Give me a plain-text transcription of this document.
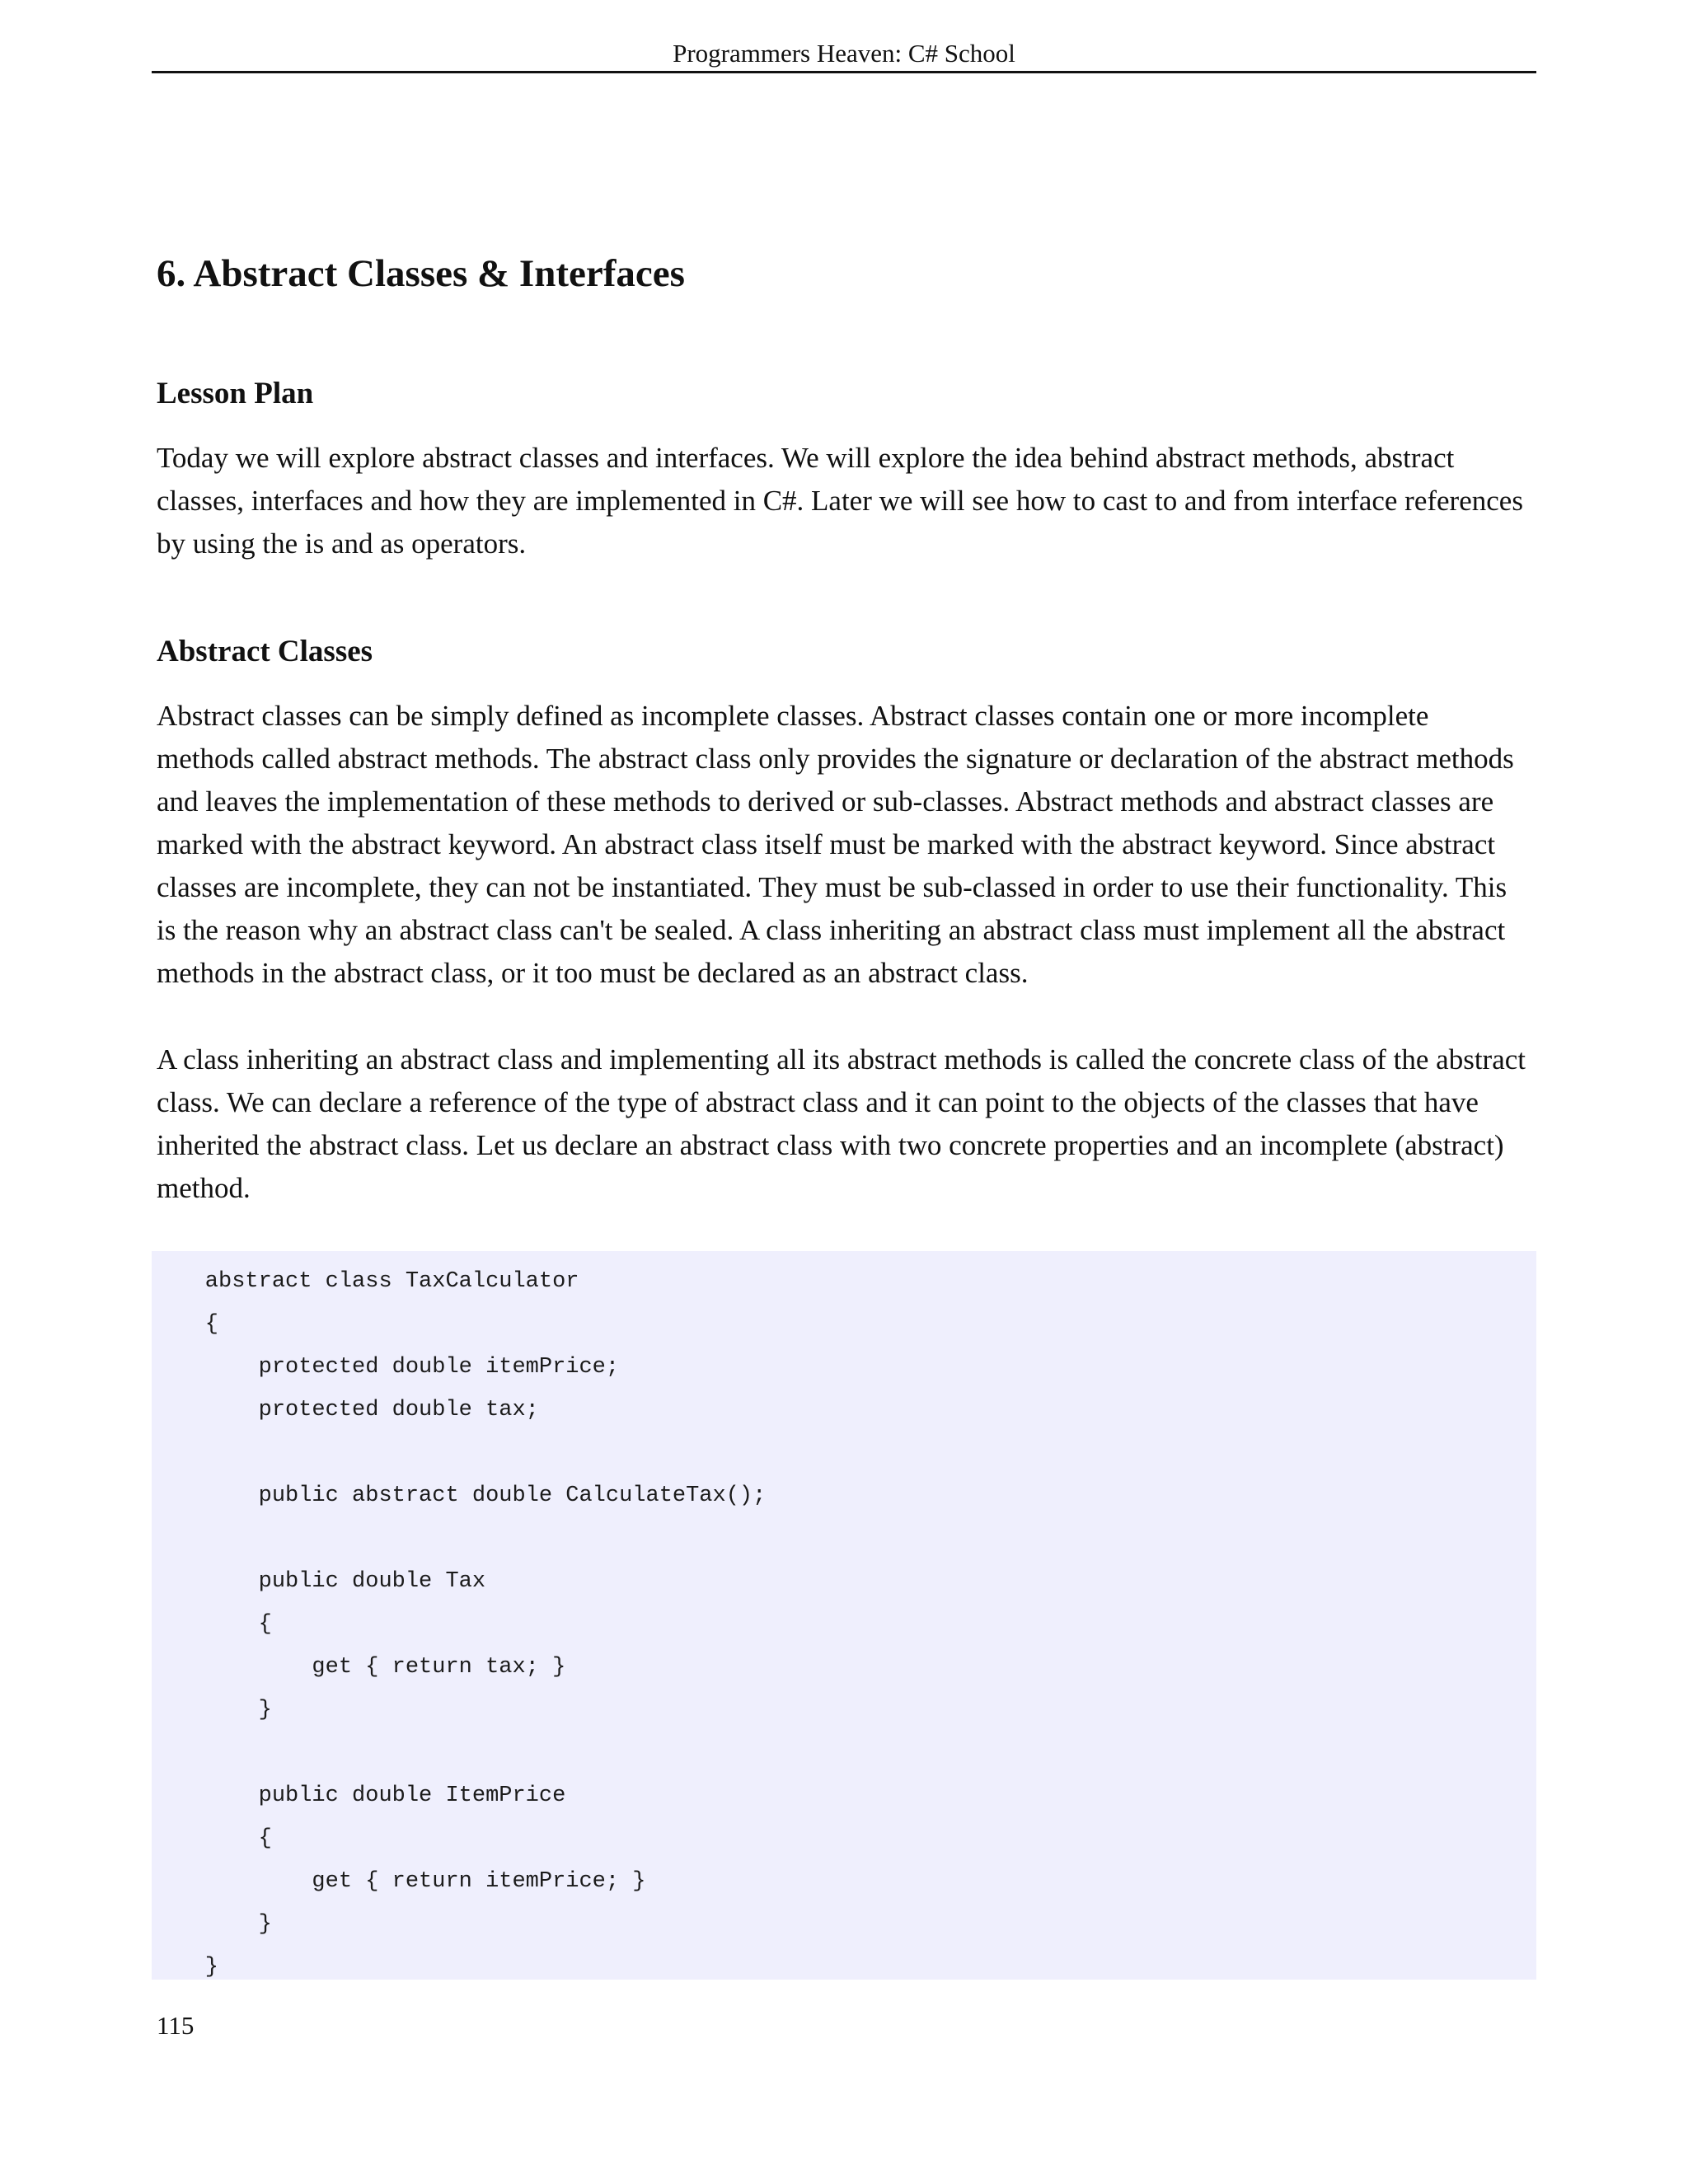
Programmers Heaven: C# School
6. Abstract Classes & Interfaces
Lesson Plan

Today we will explore abstract classes and interfaces. We will explore the idea behind abstract methods, abstract classes, interfaces and how they are implemented in C#. Later we will see how to cast to and from interface references by using the is and as operators.

Abstract Classes

Abstract classes can be simply defined as incomplete classes. Abstract classes contain one or more incomplete methods called abstract methods. The abstract class only provides the signature or declaration of the abstract methods and leaves the implementation of these methods to derived or sub-classes. Abstract methods and abstract classes are marked with the abstract keyword. An abstract class itself must be marked with the abstract keyword. Since abstract classes are incomplete, they can not be instantiated. They must be sub-classed in order to use their functionality. This is the reason why an abstract class can't be sealed. A class inheriting an abstract class must implement all the abstract methods in the abstract class, or it too must be declared as an abstract class.

A class inheriting an abstract class and implementing all its abstract methods is called the concrete class of the abstract class. We can declare a reference of the type of abstract class and it can point to the objects of the classes that have inherited the abstract class. Let us declare an abstract class with two concrete properties and an incomplete (abstract) method.

abstract class TaxCalculator
{
protected double itemPrice;
protected double tax;
public abstract double CalculateTax();
public double Tax
{
get { return tax; }
}
public double ItemPrice
{
get { return itemPrice; }
}
}
115
